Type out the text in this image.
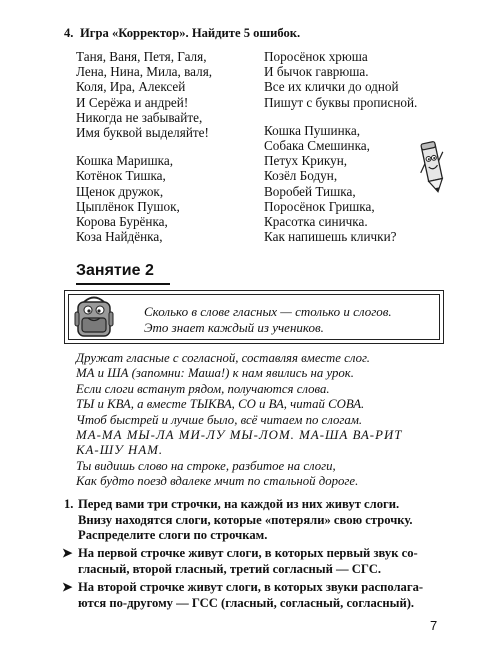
4. Игра «Корректор». Найдите 5 ошибок.
Таня, Ваня, Петя, Галя,
Лена, Нина, Мила, валя,
Коля, Ира, Алексей
И Серёжа и андрей!
Никогда не забывайте,
Имя буквой выделяйте!
Кошка Маришка,
Котёнок Тишка,
Щенок дружок,
Цыплёнок Пушок,
Корова Бурёнка,
Коза Найдёнка,
Поросёнок хрюша
И бычок гаврюша.
Все их клички до одной
Пишут с буквы прописной.
Кошка Пушинка,
Собака Смешинка,
Петух Крикун,
Козёл Бодун,
Воробей Тишка,
Поросёнок Гришка,
Красотка синичка.
Как напишешь клички?
Занятие 2
Сколько в слове гласных — столько и слогов.
Это знает каждый из учеников.
Дружат гласные с согласной, составляя вместе слог.
МА и ША (запомни: Маша!) к нам явились на урок.
Если слоги встанут рядом, получаются слова.
ТЫ и КВА, а вместе ТЫКВА, СО и ВА, читай СОВА.
Чтоб быстрей и лучше было, всё читаем по слогам.
МА-МА МЫ-ЛА МИ-ЛУ МЫ-ЛОМ. МА-ША ВА-РИТ
КА-ШУ НАМ.
Ты видишь слово на строке, разбитое на слоги,
Как будто поезд вдалеке мчит по стальной дороге.
1. Перед вами три строчки, на каждой из них живут слоги.
Внизу находятся слоги, которые «потеряли» свою строчку.
Распределите слоги по строчкам.
➤ На первой строчке живут слоги, в которых первый звук со-
гласный, второй гласный, третий согласный — СГС.
➤ На второй строчке живут слоги, в которых звуки располага-
ются по-другому — ГСС (гласный, согласный, согласный).
7
